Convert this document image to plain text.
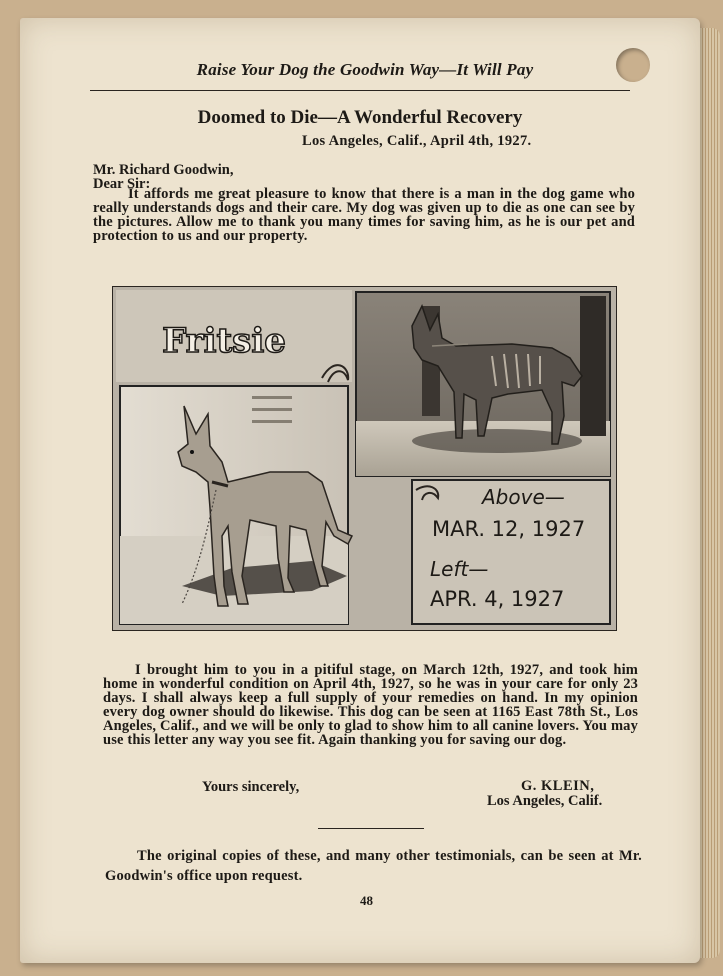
Raise Your Dog the Goodwin Way—It Will Pay
Doomed to Die—A Wonderful Recovery
Los Angeles, Calif., April 4th, 1927.
Mr. Richard Goodwin,
Dear Sir:
It affords me great pleasure to know that there is a man in the dog game who really understands dogs and their care. My dog was given up to die as one can see by the pictures. Allow me to thank you many times for saving him, as he is our pet and protection to us and our property.
Fritsie
Above—
MAR. 12, 1927
Left—
APR. 4, 1927
I brought him to you in a pitiful stage, on March 12th, 1927, and took him home in wonderful condition on April 4th, 1927, so he was in your care for only 23 days. I shall always keep a full supply of your remedies on hand. In my opinion every dog owner should do likewise. This dog can be seen at 1165 East 78th St., Los Angeles, Calif., and we will be only to glad to show him to all canine lovers. You may use this letter any way you see fit. Again thanking you for saving our dog.
Yours sincerely,	G. KLEIN,
Los Angeles, Calif.
The original copies of these, and many other testimonials, can be seen at Mr. Goodwin's office upon request.
48
